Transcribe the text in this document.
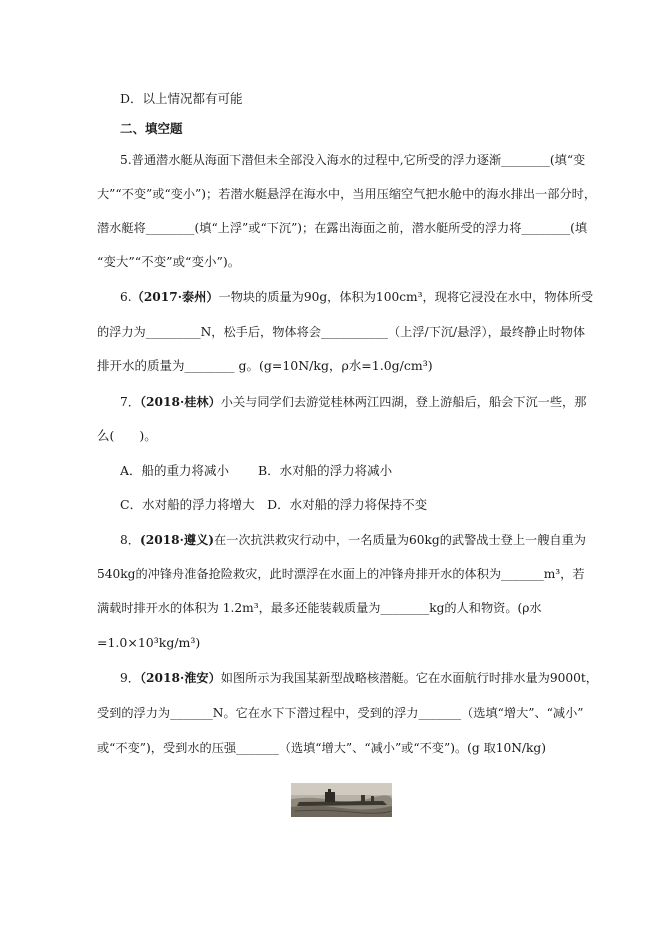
D．以上情况都有可能
二、填空题
5.普通潜水艇从海面下潜但未全部没入海水的过程中,它所受的浮力逐渐________(填“变
大”“不变”或“变小”)；若潜水艇悬浮在海水中，当用压缩空气把水舱中的海水排出一部分时，
潜水艇将________(填“上浮”或“下沉”)；在露出海面之前，潜水艇所受的浮力将________(填
“变大”“不变”或“变小”)。
6.（2017·泰州）一物块的质量为90g，体积为100cm³，现将它浸没在水中，物体所受
的浮力为_________N，松手后，物体将会___________（上浮/下沉/悬浮），最终静止时物体
排开水的质量为________ g。(g=10N/kg，ρ水=1.0g/cm³)
7．（2018·桂林）小关与同学们去游觉桂林两江四湖，登上游船后，船会下沉一些，那
么(　　)。
A．船的重力将减小　　 B．水对船的浮力将减小
C．水对船的浮力将增大　D．水对船的浮力将保持不变
8．(2018·遵义)在一次抗洪救灾行动中，一名质量为60kg的武警战士登上一艘自重为
540kg的冲锋舟准备抢险救灾，此时漂浮在水面上的冲锋舟排开水的体积为_______m³，若
满载时排开水的体积为 1.2m³，最多还能装载质量为________kg的人和物资。(ρ水
=1.0×10³kg/m³)
9．（2018·淮安）如图所示为我国某新型战略核潜艇。它在水面航行时排水量为9000t，
受到的浮力为_______N。它在水下下潜过程中，受到的浮力_______（选填“增大”、“减小”
或“不变”)，受到水的压强_______（选填“增大”、“减小”或“不变”)。(g 取10N/kg)
